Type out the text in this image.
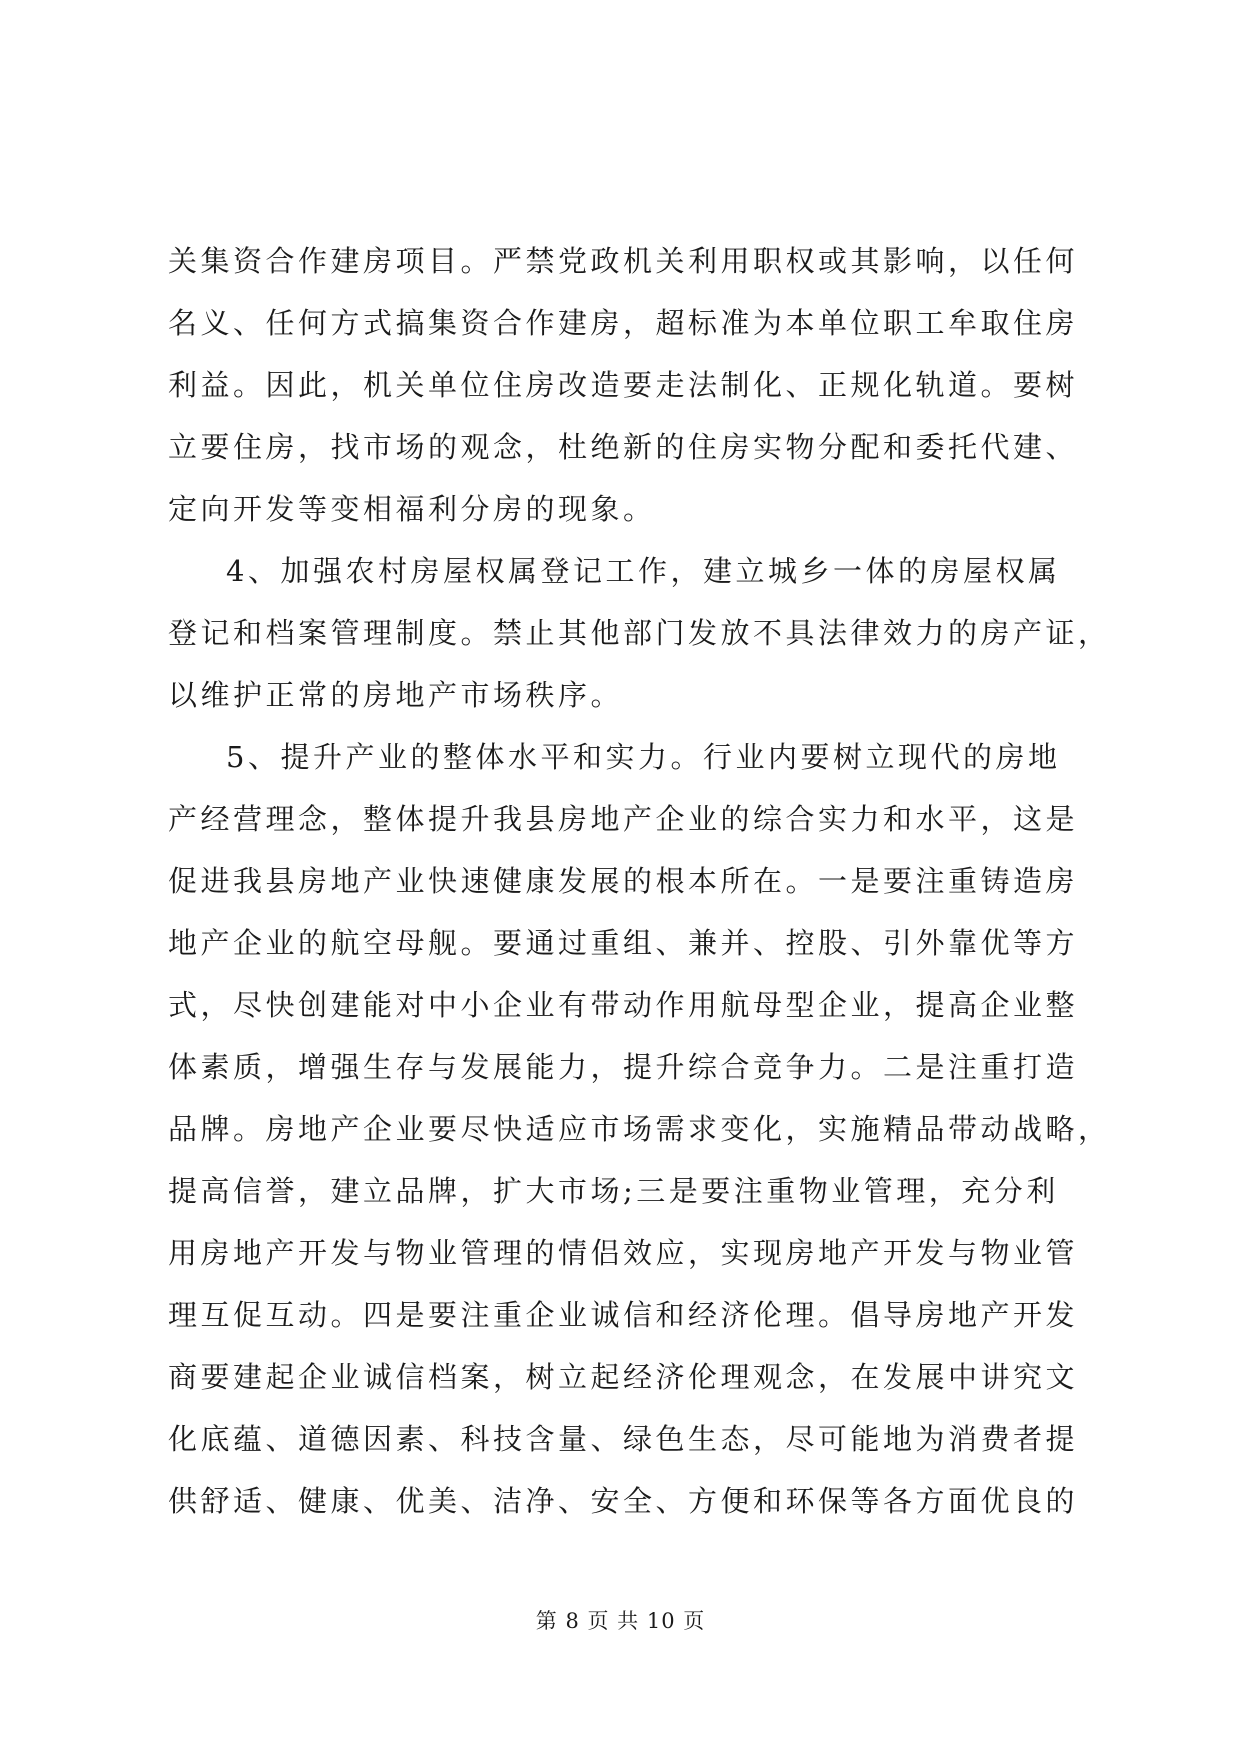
关集资合作建房项目。严禁党政机关利用职权或其影响，以任何
名义、任何方式搞集资合作建房，超标准为本单位职工牟取住房
利益。因此，机关单位住房改造要走法制化、正规化轨道。要树
立要住房，找市场的观念，杜绝新的住房实物分配和委托代建、
定向开发等变相福利分房的现象。
4、加强农村房屋权属登记工作，建立城乡一体的房屋权属
登记和档案管理制度。禁止其他部门发放不具法律效力的房产证，
以维护正常的房地产市场秩序。
5、提升产业的整体水平和实力。行业内要树立现代的房地
产经营理念，整体提升我县房地产企业的综合实力和水平，这是
促进我县房地产业快速健康发展的根本所在。一是要注重铸造房
地产企业的航空母舰。要通过重组、兼并、控股、引外靠优等方
式，尽快创建能对中小企业有带动作用航母型企业，提高企业整
体素质，增强生存与发展能力，提升综合竞争力。二是注重打造
品牌。房地产企业要尽快适应市场需求变化，实施精品带动战略，
提高信誉，建立品牌，扩大市场;三是要注重物业管理，充分利
用房地产开发与物业管理的情侣效应，实现房地产开发与物业管
理互促互动。四是要注重企业诚信和经济伦理。倡导房地产开发
商要建起企业诚信档案，树立起经济伦理观念，在发展中讲究文
化底蕴、道德因素、科技含量、绿色生态，尽可能地为消费者提
供舒适、健康、优美、洁净、安全、方便和环保等各方面优良的
第 8 页 共 10 页
